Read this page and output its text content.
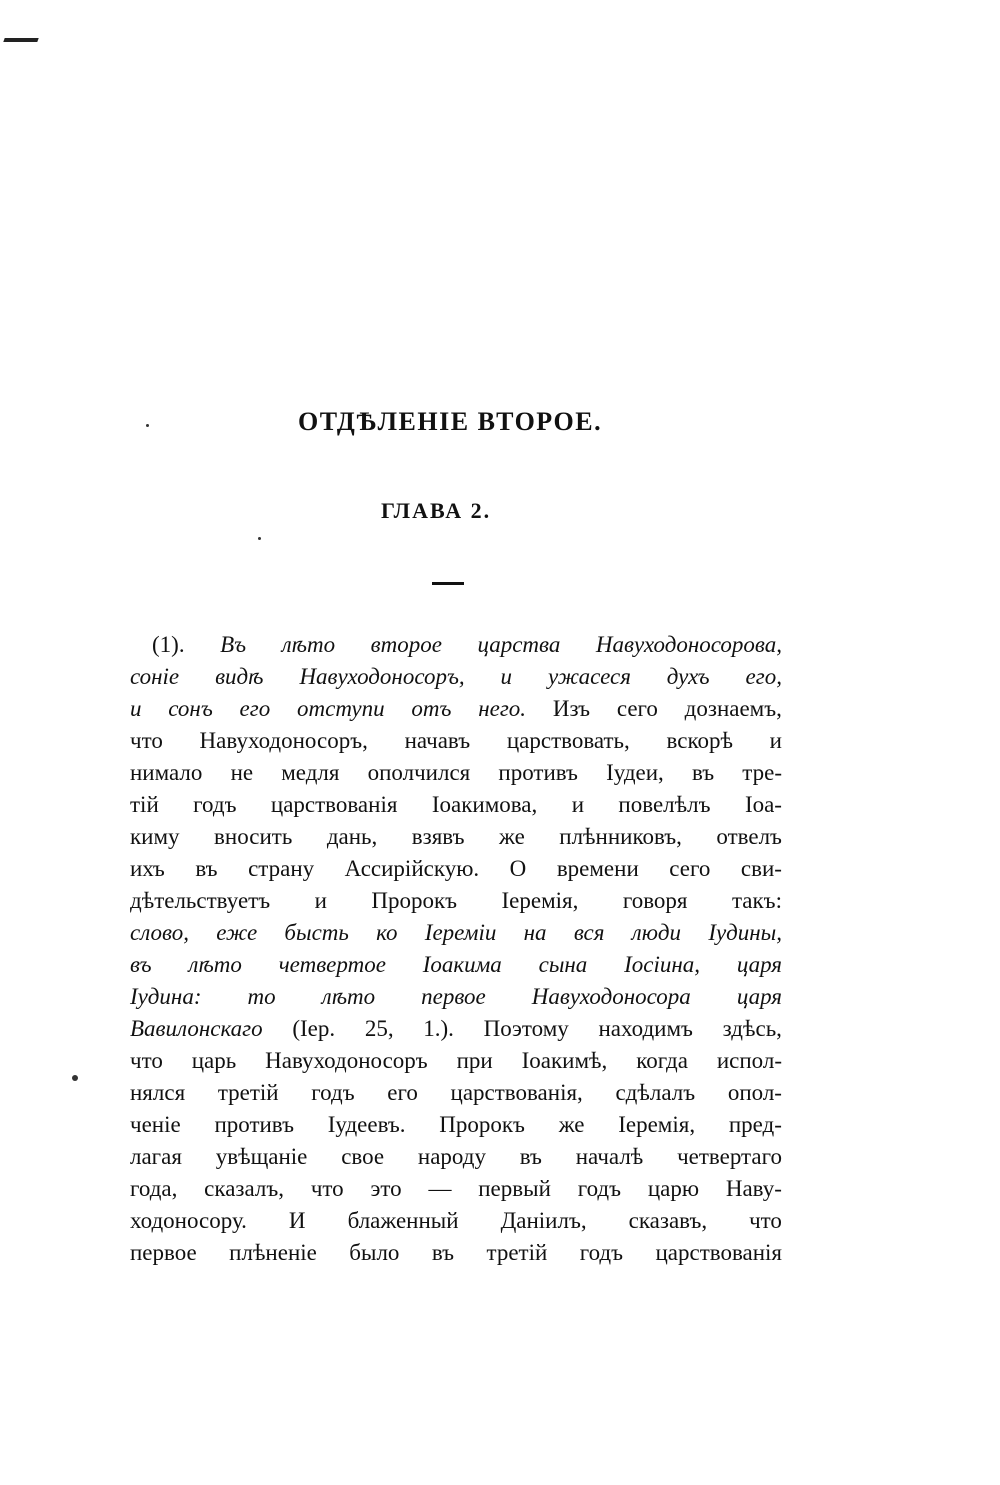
ОТДѢЛЕНІЕ ВТОРОЕ.
ГЛАВА 2.
(1). Въ лѣто второе царства Навуходоносорова,
соніе видѣ Навуходоносоръ, и ужасеся духъ его,
и сонъ его отступи отъ него. Изъ сего дознаемъ,
что Навуходоносоръ, начавъ царствовать, вскорѣ и
нимало не медля ополчился противъ Іудеи, въ тре-
тій годъ царствованія Іоакимова, и повелѣлъ Іоа-
киму вносить дань, взявъ же плѣнниковъ, отвелъ
ихъ въ страну Ассирійскую. О времени сего сви-
дѣтельствуетъ и Пророкъ Іеремія, говоря такъ:
слово, еже бысть ко Іеремiи на вся люди Іудины,
въ лѣто четвертое Іоакима сына Іосіина, царя
Іудина: то лѣто первое Навуходоносора царя
Вавилонскаго (Іер. 25, 1.). Поэтому находимъ здѣсь,
что царь Навуходоносоръ при Іоакимѣ, когда испол-
нялся третій годъ его царствованія, сдѣлалъ опол-
ченіе противъ Іудеевъ. Пророкъ же Іеремія, пред-
лагая увѣщаніе свое народу въ началѣ четвертаго
года, сказалъ, что это — первый годъ царю Наву-
ходоносору. И блаженный Даніилъ, сказавъ, что
первое плѣненіе было въ третій годъ царствованія
